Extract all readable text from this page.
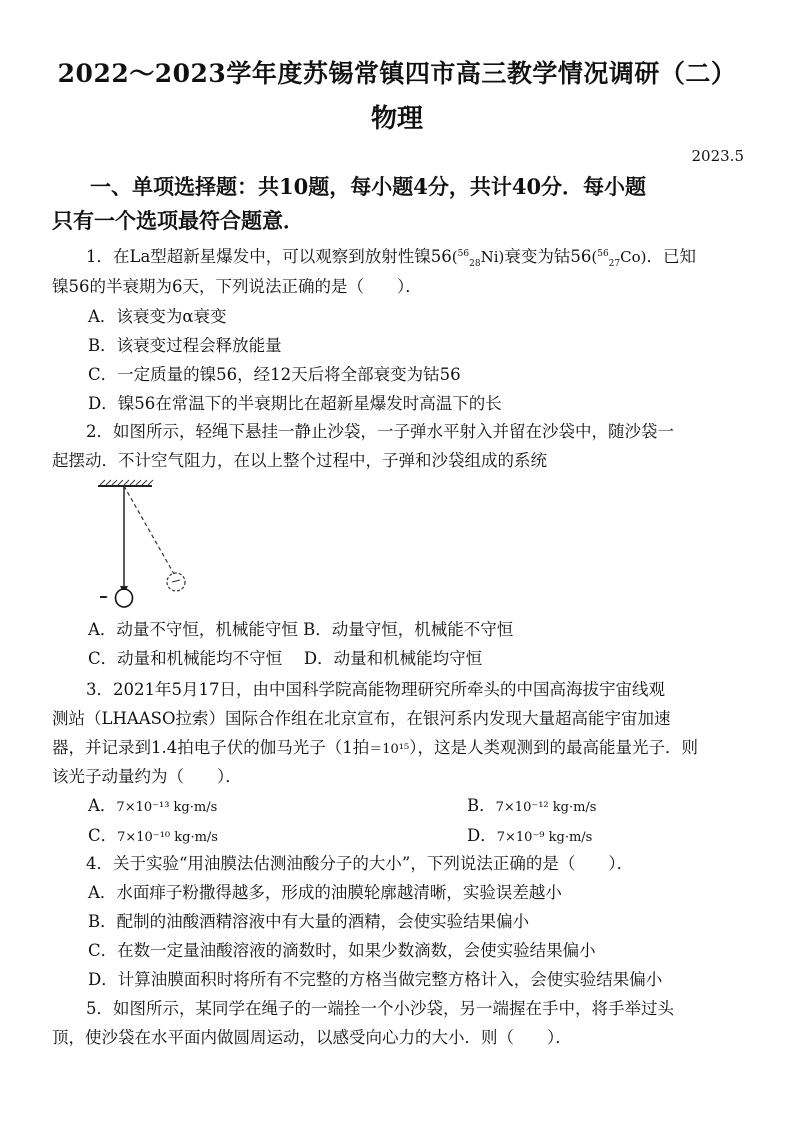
2022～2023学年度苏锡常镇四市高三教学情况调研（二）
物理
2023.5
一、单项选择题：共10题，每小题4分，共计40分．每小题
只有一个选项最符合题意．
1．在La型超新星爆发中，可以观察到放射性镍56($^{56}_{28}$Ni)衰变为钴56($^{56}_{27}$Co)．已知
镍56的半衰期为6天，下列说法正确的是（　　）．
A．该衰变为α衰变
B．该衰变过程会释放能量
C．一定质量的镍56，经12天后将全部衰变为钴56
D．镍56在常温下的半衰期比在超新星爆发时高温下的长
2．如图所示，轻绳下悬挂一静止沙袋，一子弹水平射入并留在沙袋中，随沙袋一
起摆动．不计空气阻力，在以上整个过程中，子弹和沙袋组成的系统
A．动量不守恒，机械能守恒 B．动量守恒，机械能不守恒
C．动量和机械能均不守恒　 D．动量和机械能均守恒
3．2021年5月17日，由中国科学院高能物理研究所牵头的中国高海拔宇宙线观
测站（LHAASO拉索）国际合作组在北京宣布，在银河系内发现大量超高能宇宙加速
器，并记录到1.4拍电子伏的伽马光子（1拍＝10¹⁵），这是人类观测到的最高能量光子．则
该光子动量约为（　　）．
A．7×10⁻¹³ kg·m/s	B．7×10⁻¹² kg·m/s
C．7×10⁻¹⁰ kg·m/s	D．7×10⁻⁹ kg·m/s
4．关于实验“用油膜法估测油酸分子的大小”，下列说法正确的是（　　）．
A．水面痱子粉撒得越多，形成的油膜轮廓越清晰，实验误差越小
B．配制的油酸酒精溶液中有大量的酒精，会使实验结果偏小
C．在数一定量油酸溶液的滴数时，如果少数滴数，会使实验结果偏小
D．计算油膜面积时将所有不完整的方格当做完整方格计入，会使实验结果偏小
5．如图所示，某同学在绳子的一端拴一个小沙袋，另一端握在手中，将手举过头
顶，使沙袋在水平面内做圆周运动，以感受向心力的大小．则（　　）．
